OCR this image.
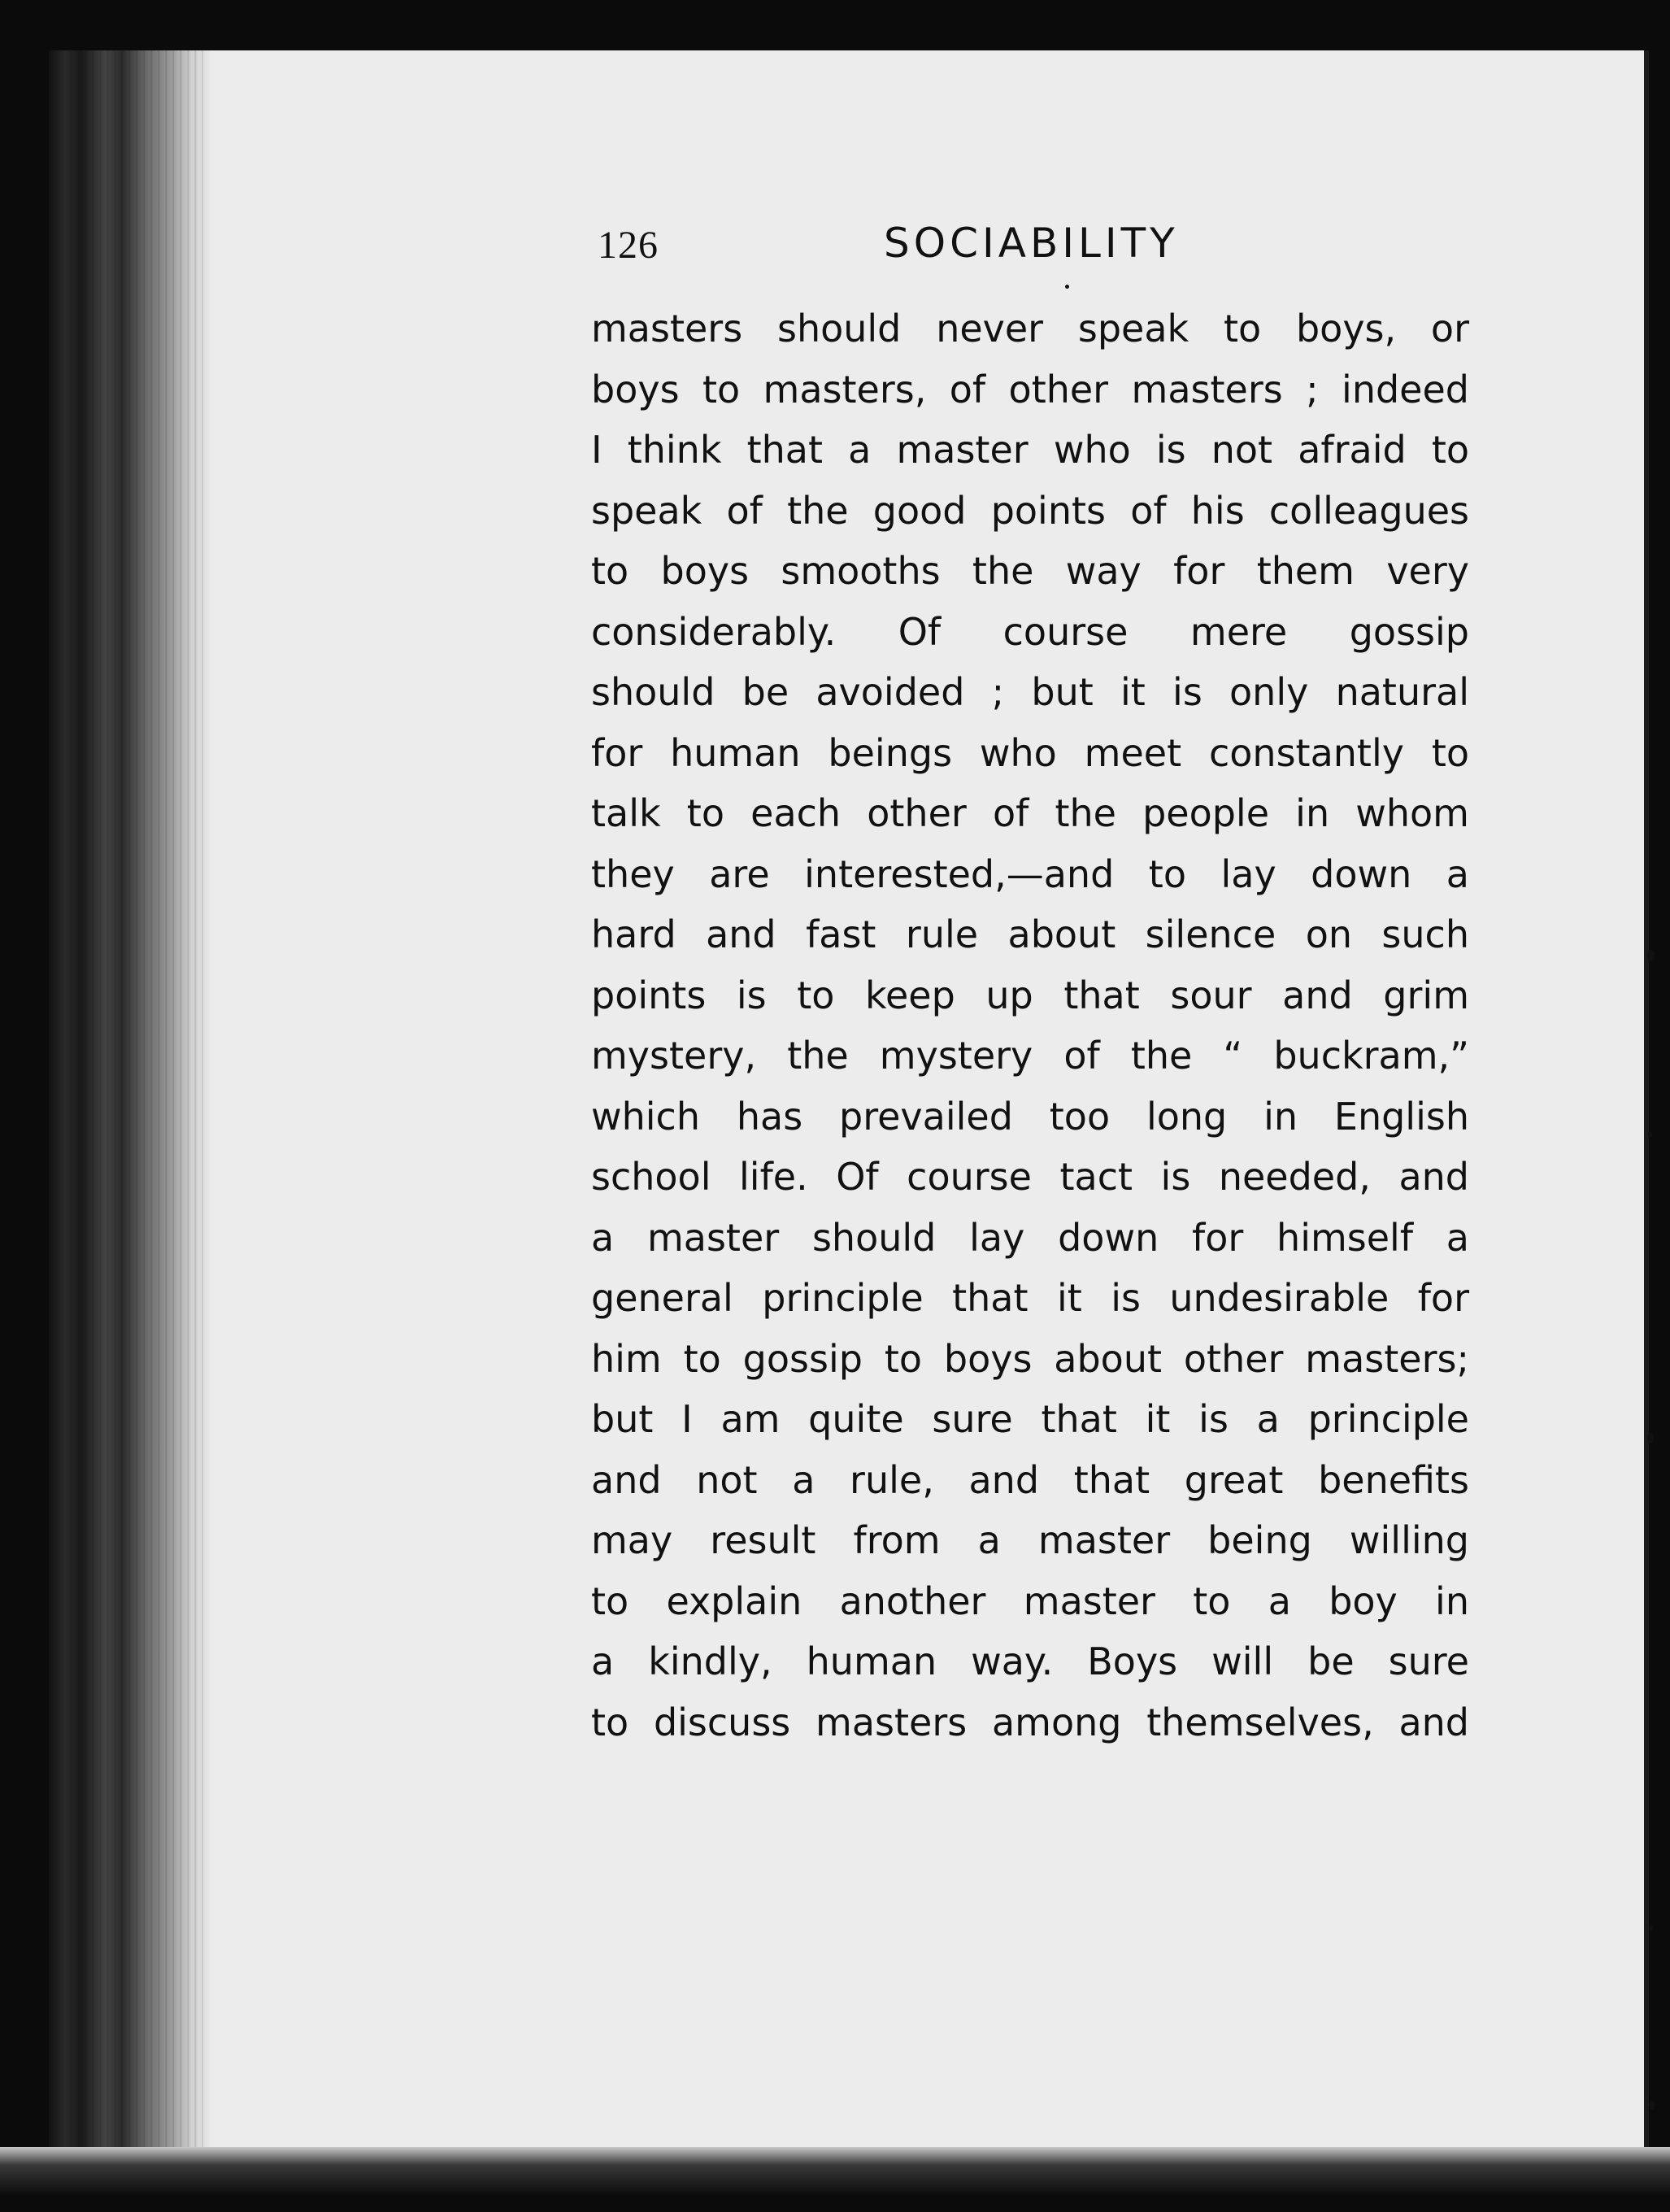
126	SOCIABILITY
masters should never speak to boys, or
boys to masters, of other masters ; indeed
I think that a master who is not afraid to
speak of the good points of his colleagues
to boys smooths the way for them very
considerably. Of course mere gossip
should be avoided ; but it is only natural
for human beings who meet constantly to
talk to each other of the people in whom
they are interested,—and to lay down a
hard and fast rule about silence on such
points is to keep up that sour and grim
mystery, the mystery of the “ buckram,”
which has prevailed too long in English
school life. Of course tact is needed, and
a master should lay down for himself a
general principle that it is undesirable for
him to gossip to boys about other masters;
but I am quite sure that it is a principle
and not a rule, and that great benefits
may result from a master being willing
to explain another master to a boy in
a kindly, human way. Boys will be sure
to discuss masters among themselves, and
